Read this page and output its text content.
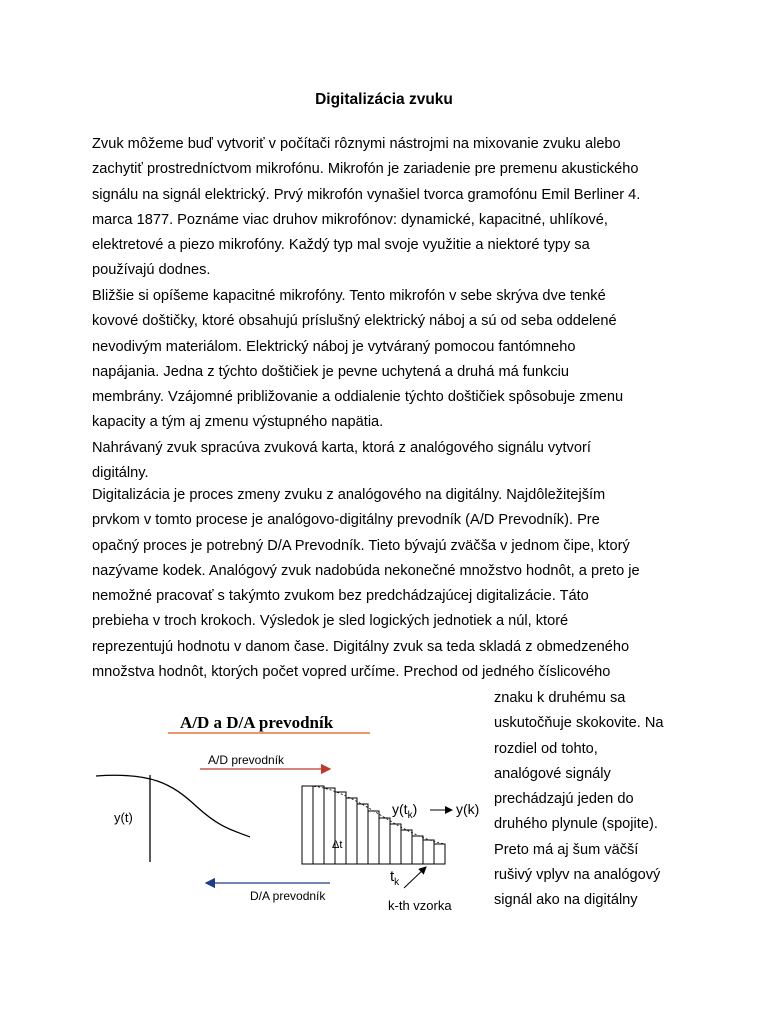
Digitalizácia zvuku
Zvuk môžeme buď vytvoriť v počítači rôznymi nástrojmi na mixovanie zvuku alebo
zachytiť prostredníctvom mikrofónu. Mikrofón je zariadenie pre premenu akustického
signálu na signál elektrický. Prvý mikrofón vynašiel tvorca gramofónu Emil Berliner 4.
marca 1877. Poznáme viac druhov mikrofónov: dynamické, kapacitné, uhlíkové,
elektretové a piezo mikrofóny. Každý typ mal svoje využitie a niektoré typy sa
používajú dodnes.
Bližšie si opíšeme kapacitné mikrofóny. Tento mikrofón v sebe skrýva dve tenké
kovové doštičky, ktoré obsahujú príslušný elektrický náboj a sú od seba oddelené
nevodivým materiálom. Elektrický náboj je vytváraný pomocou fantómneho
napájania. Jedna z týchto doštičiek je pevne uchytená a druhá má funkciu
membrány. Vzájomné približovanie a oddialenie týchto doštičiek spôsobuje zmenu
kapacity a tým aj zmenu výstupného napätia.
Nahrávaný zvuk spracúva zvuková karta, ktorá z analógového signálu vytvorí
digitálny.
Digitalizácia je proces zmeny zvuku z analógového na digitálny. Najdôležitejším
prvkom v tomto procese je analógovo-digitálny prevodník (A/D Prevodník). Pre
opačný proces je potrebný D/A Prevodník. Tieto bývajú zväčša v jednom čipe, ktorý
nazývame kodek. Analógový zvuk nadobúda nekonečné množstvo hodnôt, a preto je
nemožné pracovať s takýmto zvukom bez predchádzajúcej digitalizácie. Táto
prebieha v troch krokoch. Výsledok je sled logických jednotiek a núl, ktoré
reprezentujú hodnotu v danom čase. Digitálny zvuk sa teda skladá z obmedzeného
množstva hodnôt, ktorých počet vopred určíme. Prechod od jedného číslicového
znaku k druhému sa
uskutočňuje skokovite. Na
rozdiel od tohto,
analógové signály
prechádzajú jeden do
druhého plynule (spojite).
Preto má aj šum väčší
rušivý vplyv na analógový
signál ako na digitálny
A/D a D/A prevodník
A/D prevodník
y(t)
Δt
$y(t_k)$	y(k)
$t_k$
k-th vzorka
D/A prevodník
